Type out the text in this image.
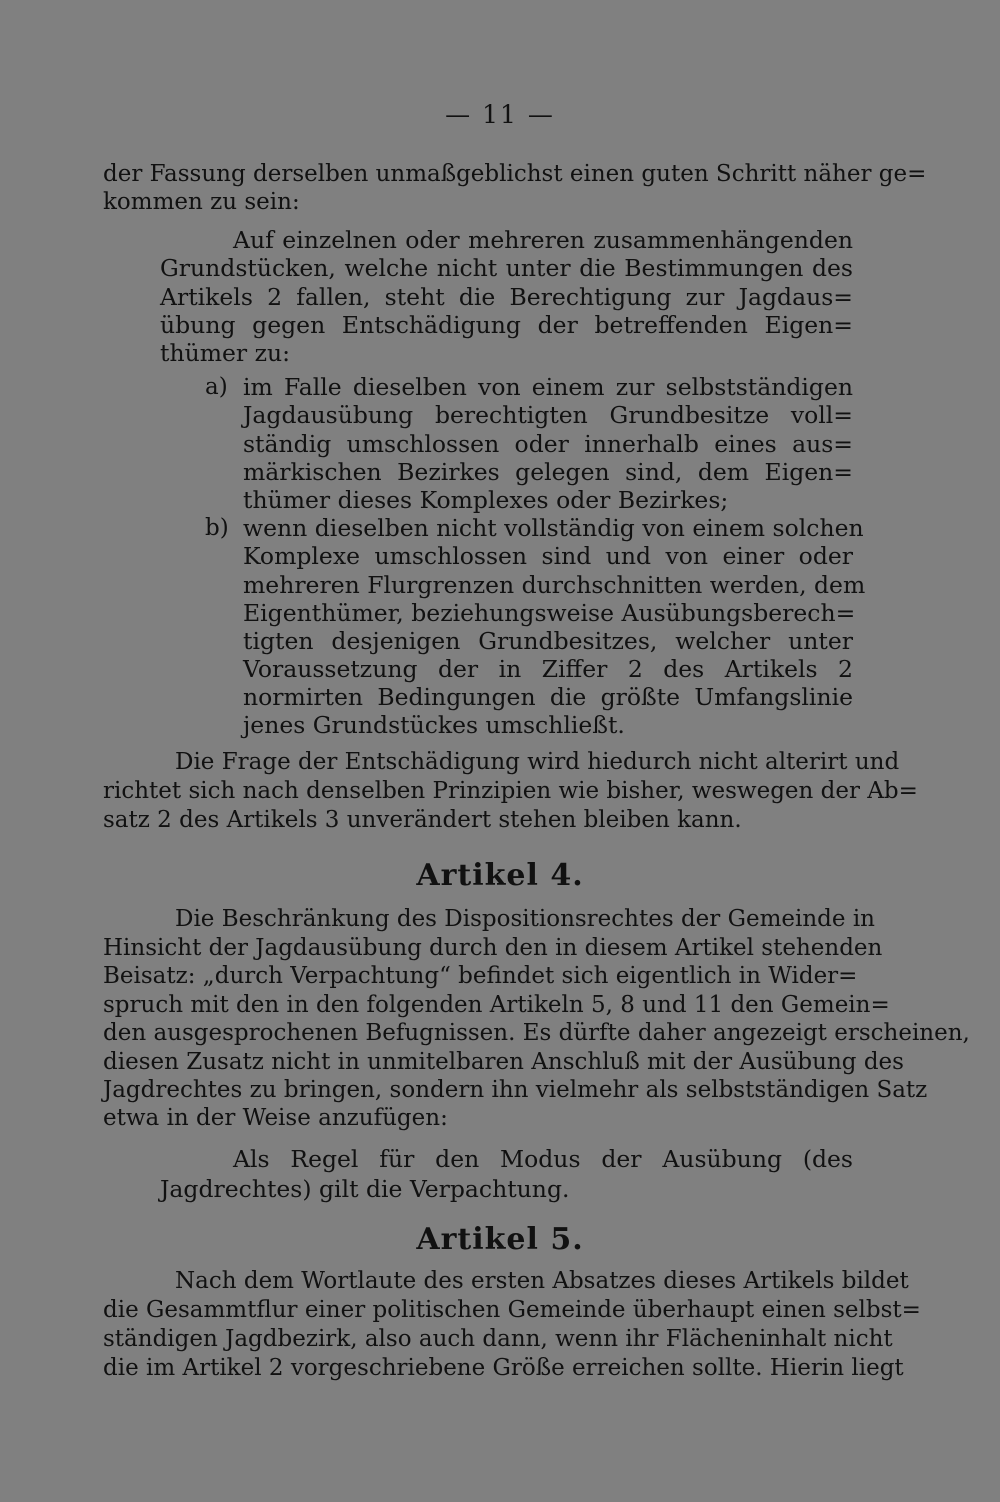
— 11 —
der Fassung derselben unmaßgeblichst einen guten Schritt näher ge=
kommen zu sein:
Auf einzelnen oder mehreren zusammenhängenden
Grundstücken, welche nicht unter die Bestimmungen des
Artikels 2 fallen, steht die Berechtigung zur Jagdaus=
übung gegen Entschädigung der betreffenden Eigen=
thümer zu:
a) im Falle dieselben von einem zur selbstständigen
Jagdausübung berechtigten Grundbesitze voll=
ständig umschlossen oder innerhalb eines aus=
märkischen Bezirkes gelegen sind, dem Eigen=
thümer dieses Komplexes oder Bezirkes;
b) wenn dieselben nicht vollständig von einem solchen
Komplexe umschlossen sind und von einer oder
mehreren Flurgrenzen durchschnitten werden, dem
Eigenthümer, beziehungsweise Ausübungsberech=
tigten desjenigen Grundbesitzes, welcher unter
Voraussetzung der in Ziffer 2 des Artikels 2
normirten Bedingungen die größte Umfangslinie
jenes Grundstückes umschließt.
Die Frage der Entschädigung wird hiedurch nicht alterirt und
richtet sich nach denselben Prinzipien wie bisher, weswegen der Ab=
satz 2 des Artikels 3 unverändert stehen bleiben kann.
Artikel 4.
Die Beschränkung des Dispositionsrechtes der Gemeinde in
Hinsicht der Jagdausübung durch den in diesem Artikel stehenden
Beisatz: „durch Verpachtung“ befindet sich eigentlich in Wider=
spruch mit den in den folgenden Artikeln 5, 8 und 11 den Gemein=
den ausgesprochenen Befugnissen. Es dürfte daher angezeigt erscheinen,
diesen Zusatz nicht in unmitelbaren Anschluß mit der Ausübung des
Jagdrechtes zu bringen, sondern ihn vielmehr als selbstständigen Satz
etwa in der Weise anzufügen:
Als Regel für den Modus der Ausübung (des
Jagdrechtes) gilt die Verpachtung.
Artikel 5.
Nach dem Wortlaute des ersten Absatzes dieses Artikels bildet
die Gesammtflur einer politischen Gemeinde überhaupt einen selbst=
ständigen Jagdbezirk, also auch dann, wenn ihr Flächeninhalt nicht
die im Artikel 2 vorgeschriebene Größe erreichen sollte. Hierin liegt
